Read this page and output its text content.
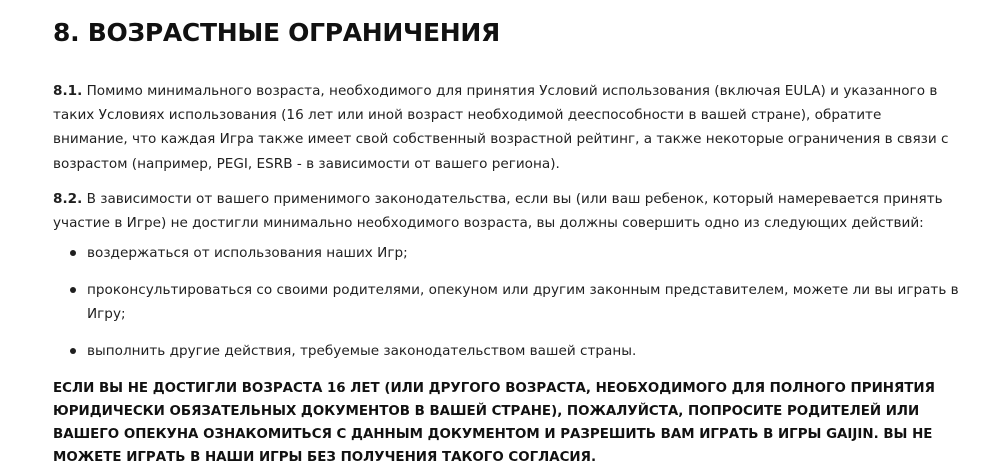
8. ВОЗРАСТНЫЕ ОГРАНИЧЕНИЯ

8.1. Помимо минимального возраста, необходимого для принятия Условий использования (включая EULA) и указанного в таких Условиях использования (16 лет или иной возраст необходимой дееспособности в вашей стране), обратите внимание, что каждая Игра также имеет свой собственный возрастной рейтинг, а также некоторые ограничения в связи с возрастом (например, PEGI, ESRB - в зависимости от вашего региона).

8.2. В зависимости от вашего применимого законодательства, если вы (или ваш ребенок, который намеревается принять участие в Игре) не достигли минимально необходимого возраста, вы должны совершить одно из следующих действий:

воздержаться от использования наших Игр;
проконсультироваться со своими родителями, опекуном или другим законным представителем, можете ли вы играть в Игру;
выполнить другие действия, требуемые законодательством вашей страны.

ЕСЛИ ВЫ НЕ ДОСТИГЛИ ВОЗРАСТА 16 ЛЕТ (ИЛИ ДРУГОГО ВОЗРАСТА, НЕОБХОДИМОГО ДЛЯ ПОЛНОГО ПРИНЯТИЯ ЮРИДИЧЕСКИ ОБЯЗАТЕЛЬНЫХ ДОКУМЕНТОВ В ВАШЕЙ СТРАНЕ), ПОЖАЛУЙСТА, ПОПРОСИТЕ РОДИТЕЛЕЙ ИЛИ ВАШЕГО ОПЕКУНА ОЗНАКОМИТЬСЯ С ДАННЫМ ДОКУМЕНТОМ И РАЗРЕШИТЬ ВАМ ИГРАТЬ В ИГРЫ GAIJIN. ВЫ НЕ МОЖЕТЕ ИГРАТЬ В НАШИ ИГРЫ БЕЗ ПОЛУЧЕНИЯ ТАКОГО СОГЛАСИЯ.
